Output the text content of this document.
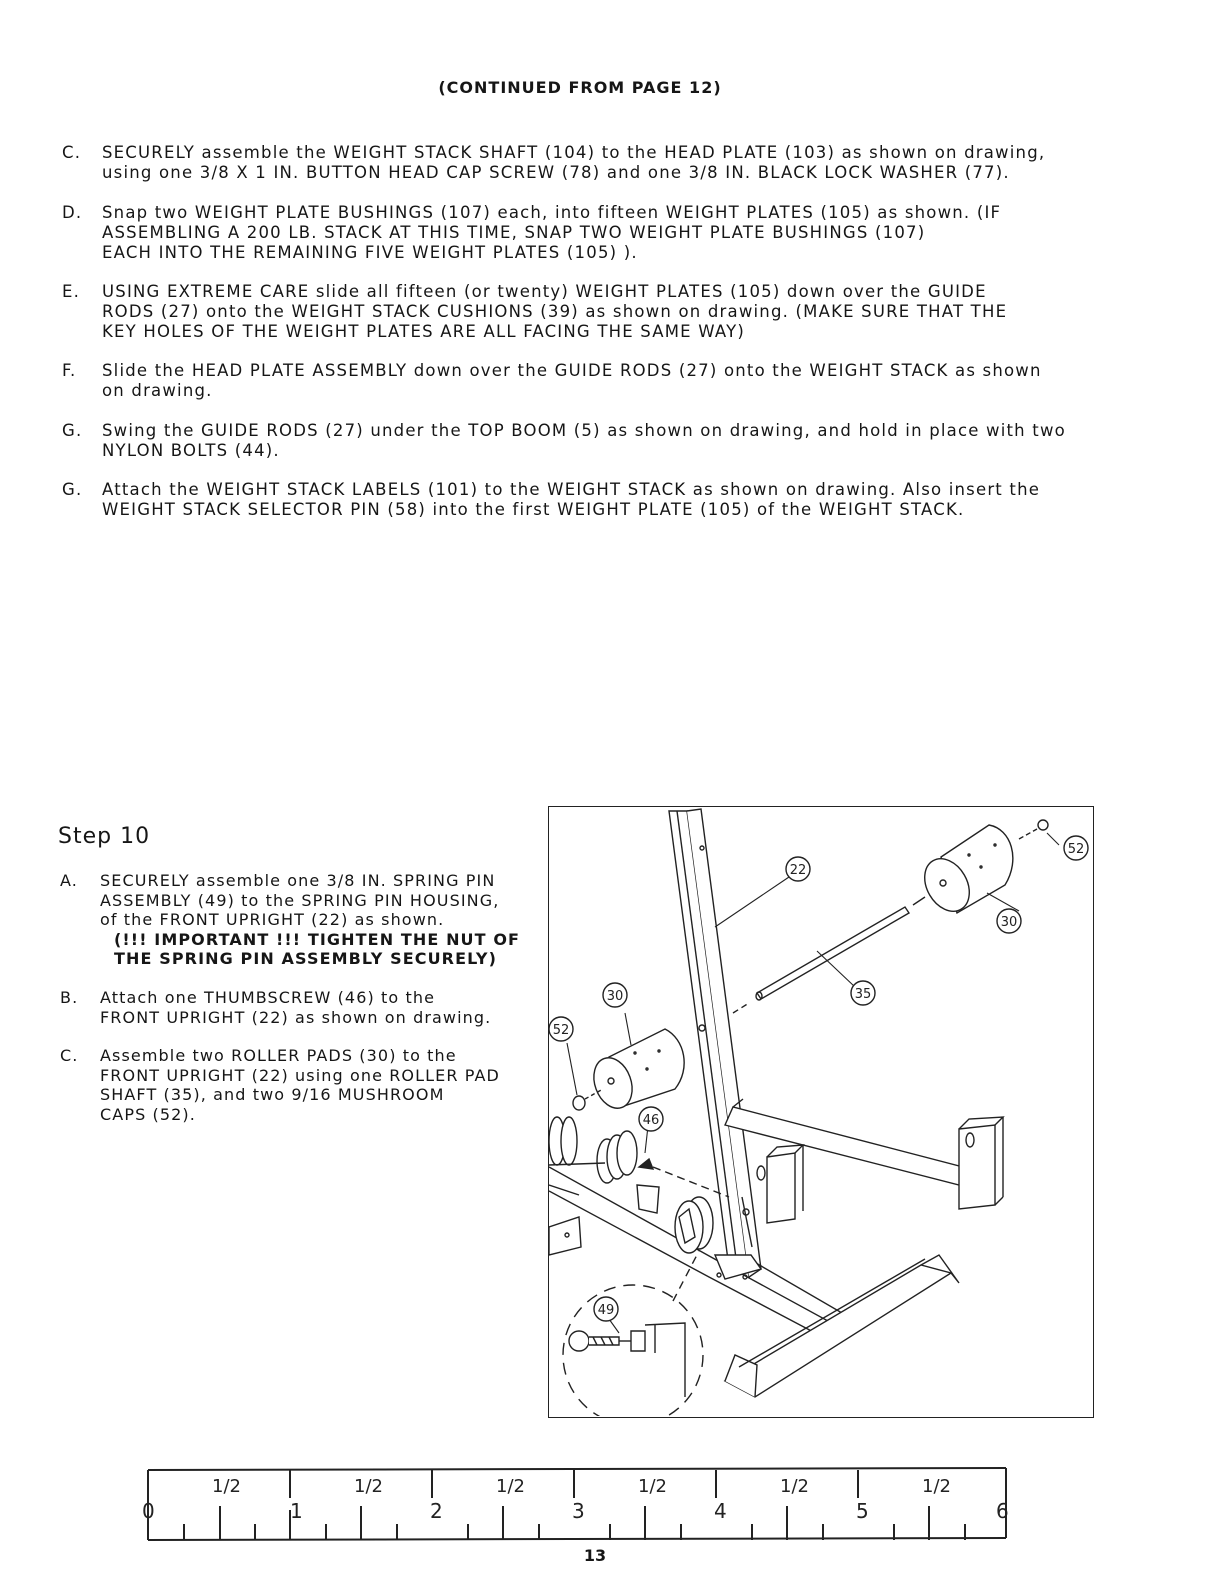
(CONTINUED FROM PAGE 12)
C. SECURELY assemble the WEIGHT STACK SHAFT (104) to the HEAD PLATE (103) as shown on drawing,
using one 3/8 X 1 IN. BUTTON HEAD CAP SCREW (78) and one 3/8 IN. BLACK LOCK WASHER (77).
D. Snap two WEIGHT PLATE BUSHINGS (107) each, into fifteen WEIGHT PLATES (105) as shown. (IF
ASSEMBLING A 200 LB. STACK AT THIS TIME, SNAP TWO WEIGHT PLATE BUSHINGS (107)
EACH INTO THE REMAINING FIVE WEIGHT PLATES (105) ).
E. USING EXTREME CARE slide all fifteen (or twenty) WEIGHT PLATES (105) down over the GUIDE
RODS (27) onto the WEIGHT STACK CUSHIONS (39) as shown on drawing. (MAKE SURE THAT THE
KEY HOLES OF THE WEIGHT PLATES ARE ALL FACING THE SAME WAY)
F. Slide the HEAD PLATE ASSEMBLY down over the GUIDE RODS (27) onto the WEIGHT STACK as shown
on drawing.
G. Swing the GUIDE RODS (27) under the TOP BOOM (5) as shown on drawing, and hold in place with two
NYLON BOLTS (44).
G. Attach the WEIGHT STACK LABELS (101) to the WEIGHT STACK as shown on drawing. Also insert the
WEIGHT STACK SELECTOR PIN (58) into the first WEIGHT PLATE (105) of the WEIGHT STACK.
Step 10
A. SECURELY assemble one 3/8 IN. SPRING PIN
ASSEMBLY (49) to the SPRING PIN HOUSING,
of the FRONT UPRIGHT (22) as shown.
(!!! IMPORTANT !!! TIGHTEN THE NUT OF
THE SPRING PIN ASSEMBLY SECURELY)
B. Attach one THUMBSCREW (46) to the
FRONT UPRIGHT (22) as shown on drawing.
C. Assemble two ROLLER PADS (30) to the
FRONT UPRIGHT (22) using one ROLLER PAD
SHAFT (35), and two 9/16 MUSHROOM
CAPS (52).
22
52
30
35
30
52
46
49
1/2	1/2	1/2	1/2	1/2	1/2
0	1	2	3	4	5	6
13
